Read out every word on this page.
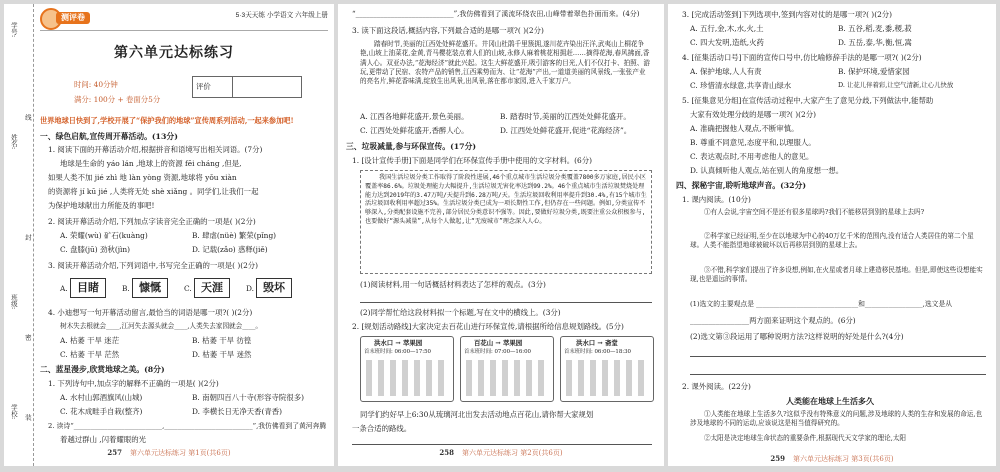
学号:
姓名:
班级:
学校:
线
封
密
装
测评卷	5·3天天练 小学语文 六年级上册
第六单元达标练习
时间: 40分钟
满分: 100分 + 卷面分5分
评价
世界地球日快到了,学校开展了“保护我们的地球”宣传周系列活动,一起来参加吧!
一、绿色启航,宣传周开幕活动。(13分)
1. 阅读下面的开幕活动介绍,根据拼音和语境写出相关词语。(7分)
地球是生命的 yáo lán ,地球上的资源 fēi cháng ,但是,
如果人类不加 jié zhì 地 làn yòng 资源,地球将 yǒu xiàn
的资源将 jí kū jié ,人类将无处 shè xiǎng 。同学们,让我们一起
为保护地球献出力所能及的事吧!
2. 阅读开幕活动介绍,下列加点字读音完全正确的一项是( )(2分)
A. 荣耀(wù) 矿石(kuàng)	B. 肆虐(nüè) 繁荣(pǐng)
C. 盘膝(jū) 劲秋(jìn)	D. 记载(zǎo) 惑释(jiě)
3. 阅读开幕活动介绍,下列词语中,书写完全正确的一项是( )(2分)
A. 目睹	B. 慷慨	C. 天涯	D. 毁坏
4. 小迪想写一句开幕活动留言,最恰当的词语是哪一项?( )(2分)
树木失去根就会____,江河失去源头就会____,人类失去家园就会____。
A. 枯萎 干旱 迷茫	B. 枯萎 干旱 彷徨
C. 枯萎 干旱 茫然	D. 枯萎 干旱 迷然
二、蓝星漫步,欣赏地球之美。(8分)
1. 下列诗句中,加点字的解释不正确的一项是( )(2分)
A. 水村山郭酒旗风(山城)	B. 南朝四百八十寺(形容寺院很多)
C. 花木成畦手自栽(整齐)	D. 李横长日无净天香(青香)
2. 读诗“__________________________,__________________________”,我仿佛看到了黄河奔腾
着越过群山 ,闪着耀眼的光
257 第六单元达标练习 第1页(共6页)
“____________________________”,我仿佛看到了溪流环绕农田,山峰带着翠色扑面而来。(4分)
3. 读下面这段话,概括内容,下列最合适的是哪一项?( )(2分)
踏春时节,美丽的江西处处鲜花盛开。井冈山杜鹃千里簇拥,遂川花卉染出汪洋,武夷山上桐花争艳,山坡上油菜花,金黄,青马樱花装点着人们的山坡,永修人麻着桃花相拥赶……摘得花海,春风拂面,香满人心。双亚办法,“花海经济”就此兴起。这生大鲜花盛开,吸引游客的目光,人们不仅打卡、拍照、游玩,更带动了民宿、农特产品的销售,江西乘势而为、让“花海”产出,一道道美丽的风景线,一张张产业的亮名片,鲜花香味满,绽放生出风景,出风景,落在都市家园,进入千家万户。
A. 江西各地鲜花盛开,景色美丽。	B. 踏春时节,美丽的江西处处鲜花盛开。
C. 江西处处鲜花盛开,香醉人心。	D. 江西处处鲜花盛开,促进“花海经济”。
三、垃圾减量,参与环保宣传。(17分)
1. [设计宣传手册]下面是同学们在环保宣传手册中使用的文字材料。(6分)
我国生活垃圾分类工作取得了阶段性进展,46个重点城市生活垃圾分类覆盖7800多万家庭,居民小区覆盖率86.6%。垃圾处理能力大幅提升,生活垃圾无害化率达到99.2%。46个重点城市生活垃圾焚烧处理能力达到2019年的3.47万吨/天提升到6.28万吨/天。生活垃圾回收利用率提升到30.4%,有15个城市生活垃圾回收利用率超过35%。生活垃圾分类已成为一项长期性工作,但仍存在一些问题。例如,分类宣传不够深入,分类配套设施不完善,部分居民分类意识不强等。因此,要做好垃圾分类,既要注重公众积极参与,也要做好“源头减量”,从每个人做起,让“无废城市”理念深入人心。
(1)阅读材料,用一句话概括材料表达了怎样的观点。(3分)
(2)同学帮忙给这段材料拟一个标题,写在文中的横线上。(3分)
2. [规划活动路线]大家决定去百花山进行环保宣传,请根据所给信息规划路线。(5分)
洪水口 → 萃果园
首末班时间: 06:00—17:50
百花山 → 萃果园
首末班时间: 07:00—16:00
洪水口 → 斋堂
首末班时间: 06:00—18:30
同学们约好早上6:30从琉璃河北出发去活动地点百花山,请你帮大家规划
一条合适的路线。
258 第六单元达标练习 第2页(共6页)
3. [完成活动签到]下列选项中,签到内容对仗的是哪一项?( )(2分)
A. 五行,金,木,水,火,土	B. 五谷,稻,麦,黍,稷,菽
C. 四大发明,造纸,火药	D. 五岳,泰,华,衡,恒,嵩
4. [征集活动口号]下面的宣传口号中,仿比喻修辞手法的是哪一项?( )(2分)
A. 保护地球,人人有责	B. 保护环境,爱惜家园
C. 珍惜清水绿意,共享青山绿水	D. 让花儿伴着彩,让空气清新,让心儿快放
5. [征集意见分组]在宣传活动过程中,大家产生了意见分歧,下列做法中,能帮助
大家有效处理分歧的是哪一项?( )(2分)
A. 准确把握他人观点,不断审慎。
B. 尊重不同意见,态度平和,以理服人。
C. 表达观点时,不用考虑他人的意见。
D. 认真倾听他人观点,站在别人的角度想一想。
四、探秘宇宙,聆听地球声音。(32分)
1. 课内阅读。(10分)
①有人会说,宇宙空间不是还有很多星球吗?我们不能移居到别的星球上去吗?
②科学家已经证明,至少在以地球为中心的40万亿千米的范围内,没有适合人类居住的第二个星球。人类不能指望地球被破坏以后再移居到别的星球上去。
③不错,科学家们提出了许多设想,例如,在火星或者月球上建造移民基地。但是,即使这些设想能实现,也是遥远的事情。
(1)选文的主要观点是 ______________________________和_________________,选文是从
________________两方面来证明这个观点的。(6分)
(2)选文第③段运用了哪种说明方法?这样说明的好处是什么?(4分)
2. 课外阅读。(22分)
人类能在地球上生活多久
①人类能在地球上生活多久?这似乎没有特殊意义的问题,涉及地球的人类的生存和发展的命运,也涉及地球的不同的运动,应该说这是相当值得研究的。
②太阳是决定地球生命状态的重要条件,根据现代天文学家的理论,太阳
259 第六单元达标练习 第3页(共6页)
